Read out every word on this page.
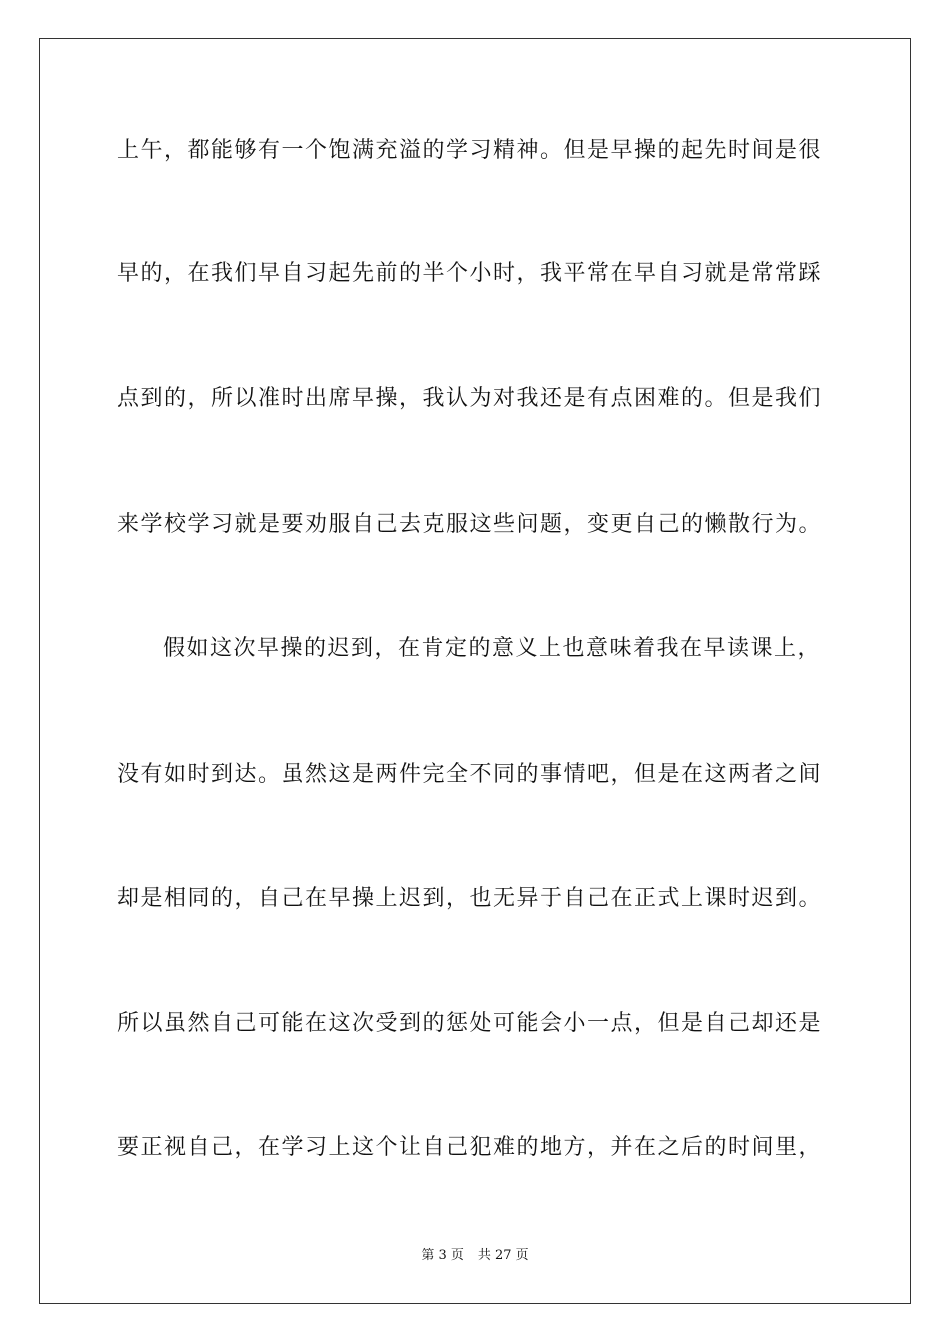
上午，都能够有一个饱满充溢的学习精神。但是早操的起先时间是很
早的，在我们早自习起先前的半个小时，我平常在早自习就是常常踩
点到的，所以准时出席早操，我认为对我还是有点困难的。但是我们
来学校学习就是要劝服自己去克服这些问题，变更自己的懒散行为。
假如这次早操的迟到，在肯定的意义上也意味着我在早读课上，
没有如时到达。虽然这是两件完全不同的事情吧，但是在这两者之间
却是相同的，自己在早操上迟到，也无异于自己在正式上课时迟到。
所以虽然自己可能在这次受到的惩处可能会小一点，但是自己却还是
要正视自己，在学习上这个让自己犯难的地方，并在之后的时间里，
第 3 页 共 27 页
